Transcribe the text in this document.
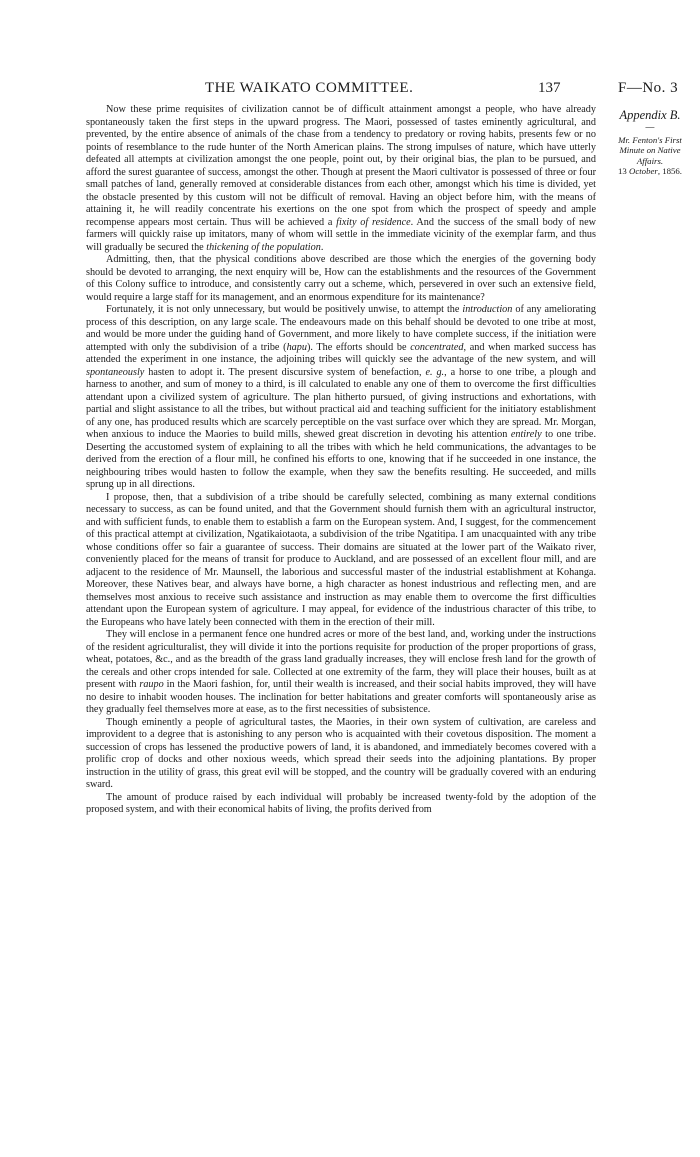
THE WAIKATO COMMITTEE.	137	F—No. 3
Appendix B.
—
Mr. Fenton's First Minute on Native Affairs.
13 October, 1856.

Now these prime requisites of civilization cannot be of difficult attainment amongst a people, who have already spontaneously taken the first steps in the upward progress. The Maori, possessed of tastes eminently agricultural, and prevented, by the entire absence of animals of the chase from a tendency to predatory or roving habits, presents few or no points of resemblance to the rude hunter of the North American plains. The strong impulses of nature, which have utterly defeated all attempts at civilization amongst the one people, point out, by their original bias, the plan to be pursued, and afford the surest guarantee of success, amongst the other. Though at present the Maori cultivator is possessed of three or four small patches of land, generally removed at considerable distances from each other, amongst which his time is divided, yet the obstacle presented by this custom will not be difficult of removal. Having an object before him, with the means of attaining it, he will readily concentrate his exertions on the one spot from which the prospect of speedy and ample recompense appears most certain. Thus will be achieved a fixity of residence. And the success of the small body of new farmers will quickly raise up imitators, many of whom will settle in the immediate vicinity of the exemplar farm, and thus will gradually be secured the thickening of the population.

Admitting, then, that the physical conditions above described are those which the energies of the governing body should be devoted to arranging, the next enquiry will be, How can the establishments and the resources of the Government of this Colony suffice to introduce, and consistently carry out a scheme, which, persevered in over such an extensive field, would require a large staff for its management, and an enormous expenditure for its maintenance?

Fortunately, it is not only unnecessary, but would be positively unwise, to attempt the introduction of any ameliorating process of this description, on any large scale. The endeavours made on this behalf should be devoted to one tribe at most, and would be more under the guiding hand of Government, and more likely to have complete success, if the initiation were attempted with only the subdivision of a tribe (hapu). The efforts should be concentrated, and when marked success has attended the experiment in one instance, the adjoining tribes will quickly see the advantage of the new system, and will spontaneously hasten to adopt it. The present discursive system of benefaction, e. g., a horse to one tribe, a plough and harness to another, and sum of money to a third, is ill calculated to enable any one of them to overcome the first difficulties attendant upon a civilized system of agriculture. The plan hitherto pursued, of giving instructions and exhortations, with partial and slight assistance to all the tribes, but without practical aid and teaching sufficient for the initiatory establishment of any one, has produced results which are scarcely perceptible on the vast surface over which they are spread. Mr. Morgan, when anxious to induce the Maories to build mills, shewed great discretion in devoting his attention entirely to one tribe. Deserting the accustomed system of explaining to all the tribes with which he held communications, the advantages to be derived from the erection of a flour mill, he confined his efforts to one, knowing that if he succeeded in one instance, the neighbouring tribes would hasten to follow the example, when they saw the benefits resulting. He succeeded, and mills sprung up in all directions.

I propose, then, that a subdivision of a tribe should be carefully selected, combining as many external conditions necessary to success, as can be found united, and that the Government should furnish them with an agricultural instructor, and with sufficient funds, to enable them to establish a farm on the European system. And, I suggest, for the commencement of this practical attempt at civilization, Ngatikaiotaota, a subdivision of the tribe Ngatitipa. I am unacquainted with any tribe whose conditions offer so fair a guarantee of success. Their domains are situated at the lower part of the Waikato river, conveniently placed for the means of transit for produce to Auckland, and are possessed of an excellent flour mill, and are adjacent to the residence of Mr. Maunsell, the laborious and successful master of the industrial establishment at Kohanga. Moreover, these Natives bear, and always have borne, a high character as honest industrious and reflecting men, and are themselves most anxious to receive such assistance and instruction as may enable them to overcome the first difficulties attendant upon the European system of agriculture. I may appeal, for evidence of the industrious character of this tribe, to the Europeans who have lately been connected with them in the erection of their mill.

They will enclose in a permanent fence one hundred acres or more of the best land, and, working under the instructions of the resident agriculturalist, they will divide it into the portions requisite for production of the proper proportions of grass, wheat, potatoes, &c., and as the breadth of the grass land gradually increases, they will enclose fresh land for the growth of the cereals and other crops intended for sale. Collected at one extremity of the farm, they will place their houses, built as at present with raupo in the Maori fashion, for, until their wealth is increased, and their social habits improved, they will have no desire to inhabit wooden houses. The inclination for better habitations and greater comforts will spontaneously arise as they gradually feel themselves more at ease, as to the first necessities of subsistence.

Though eminently a people of agricultural tastes, the Maories, in their own system of cultivation, are careless and improvident to a degree that is astonishing to any person who is acquainted with their covetous disposition. The moment a succession of crops has lessened the productive powers of land, it is abandoned, and immediately becomes covered with a prolific crop of docks and other noxious weeds, which spread their seeds into the adjoining plantations. By proper instruction in the utility of grass, this great evil will be stopped, and the country will be gradually covered with an enduring sward.

The amount of produce raised by each individual will probably be increased twenty-fold by the adoption of the proposed system, and with their economical habits of living, the profits derived from
